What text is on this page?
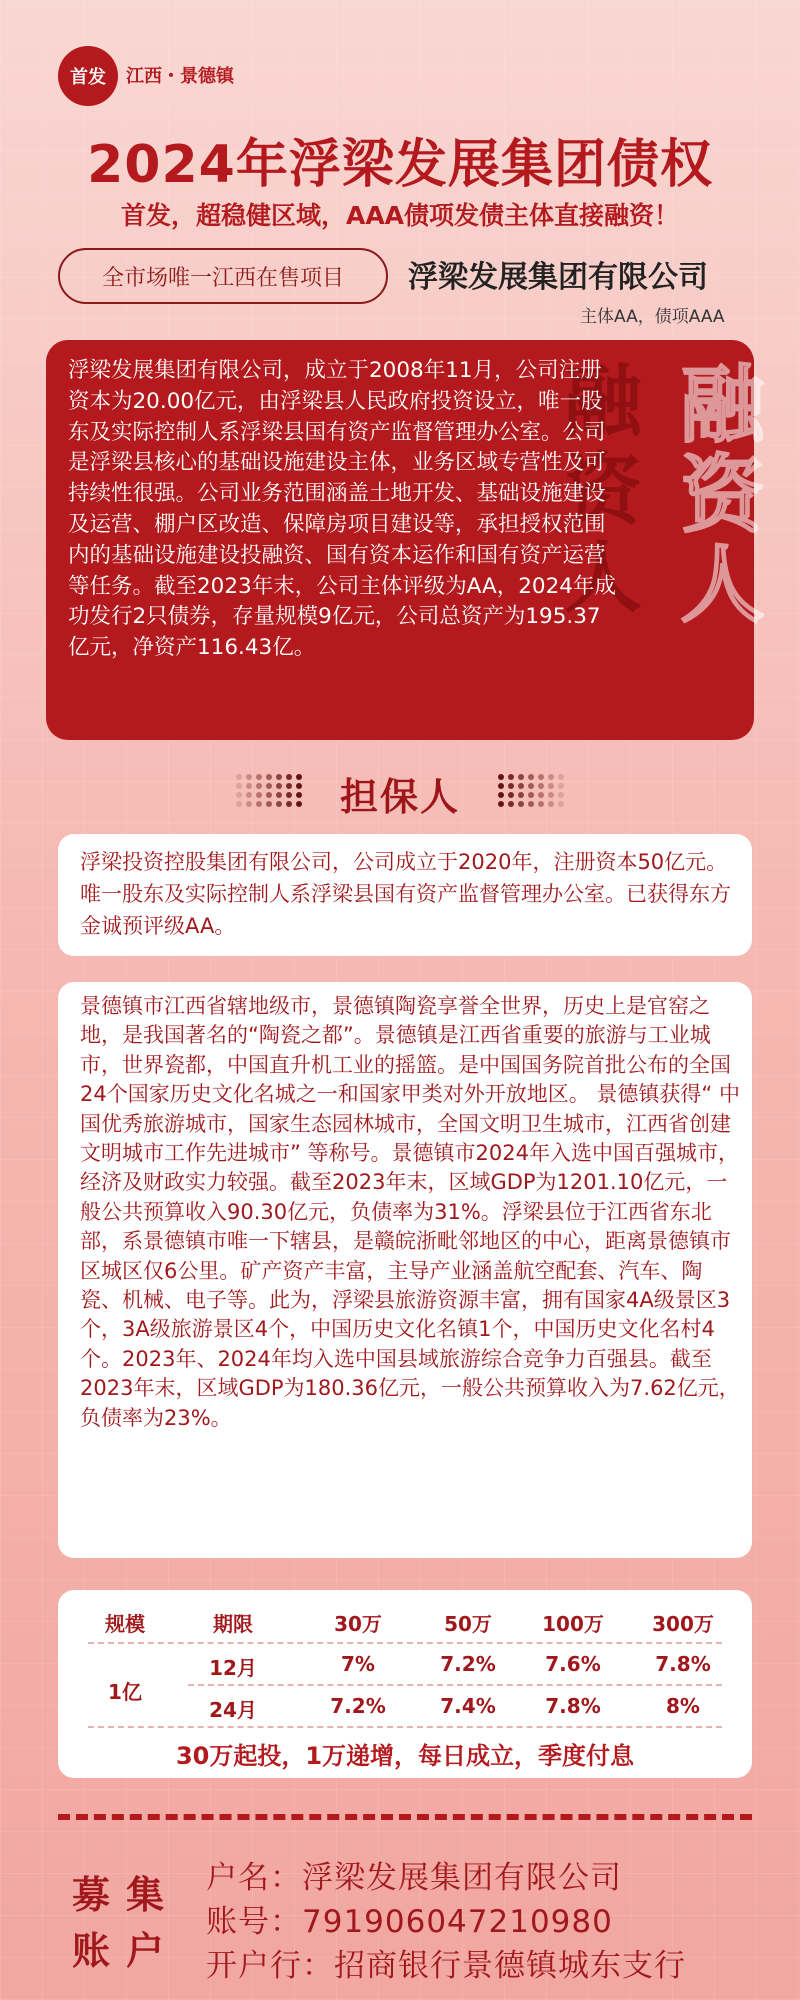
首发 江西・景德镇
2024年浮梁发展集团债权
首发，超稳健区域，AAA债项发债主体直接融资！
全市场唯一江西在售项目 浮梁发展集团有限公司
主体AA，债项AAA
融资人 融资人
浮梁发展集团有限公司，成立于2008年11月，公司注册资本为20.00亿元，由浮梁县人民政府投资设立，唯一股东及实际控制人系浮梁县国有资产监督管理办公室。公司是浮梁县核心的基础设施建设主体，业务区域专营性及可持续性很强。公司业务范围涵盖土地开发、基础设施建设及运营、棚户区改造、保障房项目建设等，承担授权范围内的基础设施建设投融资、国有资本运作和国有资产运营等任务。截至2023年末，公司主体评级为AA，2024年成功发行2只债券，存量规模9亿元，公司总资产为195.37亿元，净资产116.43亿。
担保人
浮梁投资控股集团有限公司，公司成立于2020年，注册资本50亿元。唯一股东及实际控制人系浮梁县国有资产监督管理办公室。已获得东方金诚预评级AA。
景德镇市江西省辖地级市，景德镇陶瓷享誉全世界，历史上是官窑之地，是我国著名的“陶瓷之都”。景德镇是江西省重要的旅游与工业城市，世界瓷都，中国直升机工业的摇篮。是中国国务院首批公布的全国24个国家历史文化名城之一和国家甲类对外开放地区。 景德镇获得“ 中国优秀旅游城市，国家生态园林城市，全国文明卫生城市，江西省创建文明城市工作先进城市” 等称号。景德镇市2024年入选中国百强城市，经济及财政实力较强。截至2023年末，区域GDP为1201.10亿元，一般公共预算收入90.30亿元，负债率为31%。浮梁县位于江西省东北部，系景德镇市唯一下辖县，是赣皖浙毗邻地区的中心，距离景德镇市区城区仅6公里。矿产资产丰富，主导产业涵盖航空配套、汽车、陶瓷、机械、电子等。此为，浮梁县旅游资源丰富，拥有国家4A级景区3个，3A级旅游景区4个，中国历史文化名镇1个，中国历史文化名村4个。2023年、2024年均入选中国县域旅游综合竞争力百强县。截至2023年末，区域GDP为180.36亿元，一般公共预算收入为7.62亿元，负债率为23%。
规模	期限	30万	50万	100万	300万
1亿
12月	7%	7.2%	7.6%	7.8%
24月	7.2%	7.4%	7.8%	8%
30万起投，1万递增，每日成立，季度付息
募集
账户
户名：浮梁发展集团有限公司
账号：791906047210980
开户行：招商银行景德镇城东支行
